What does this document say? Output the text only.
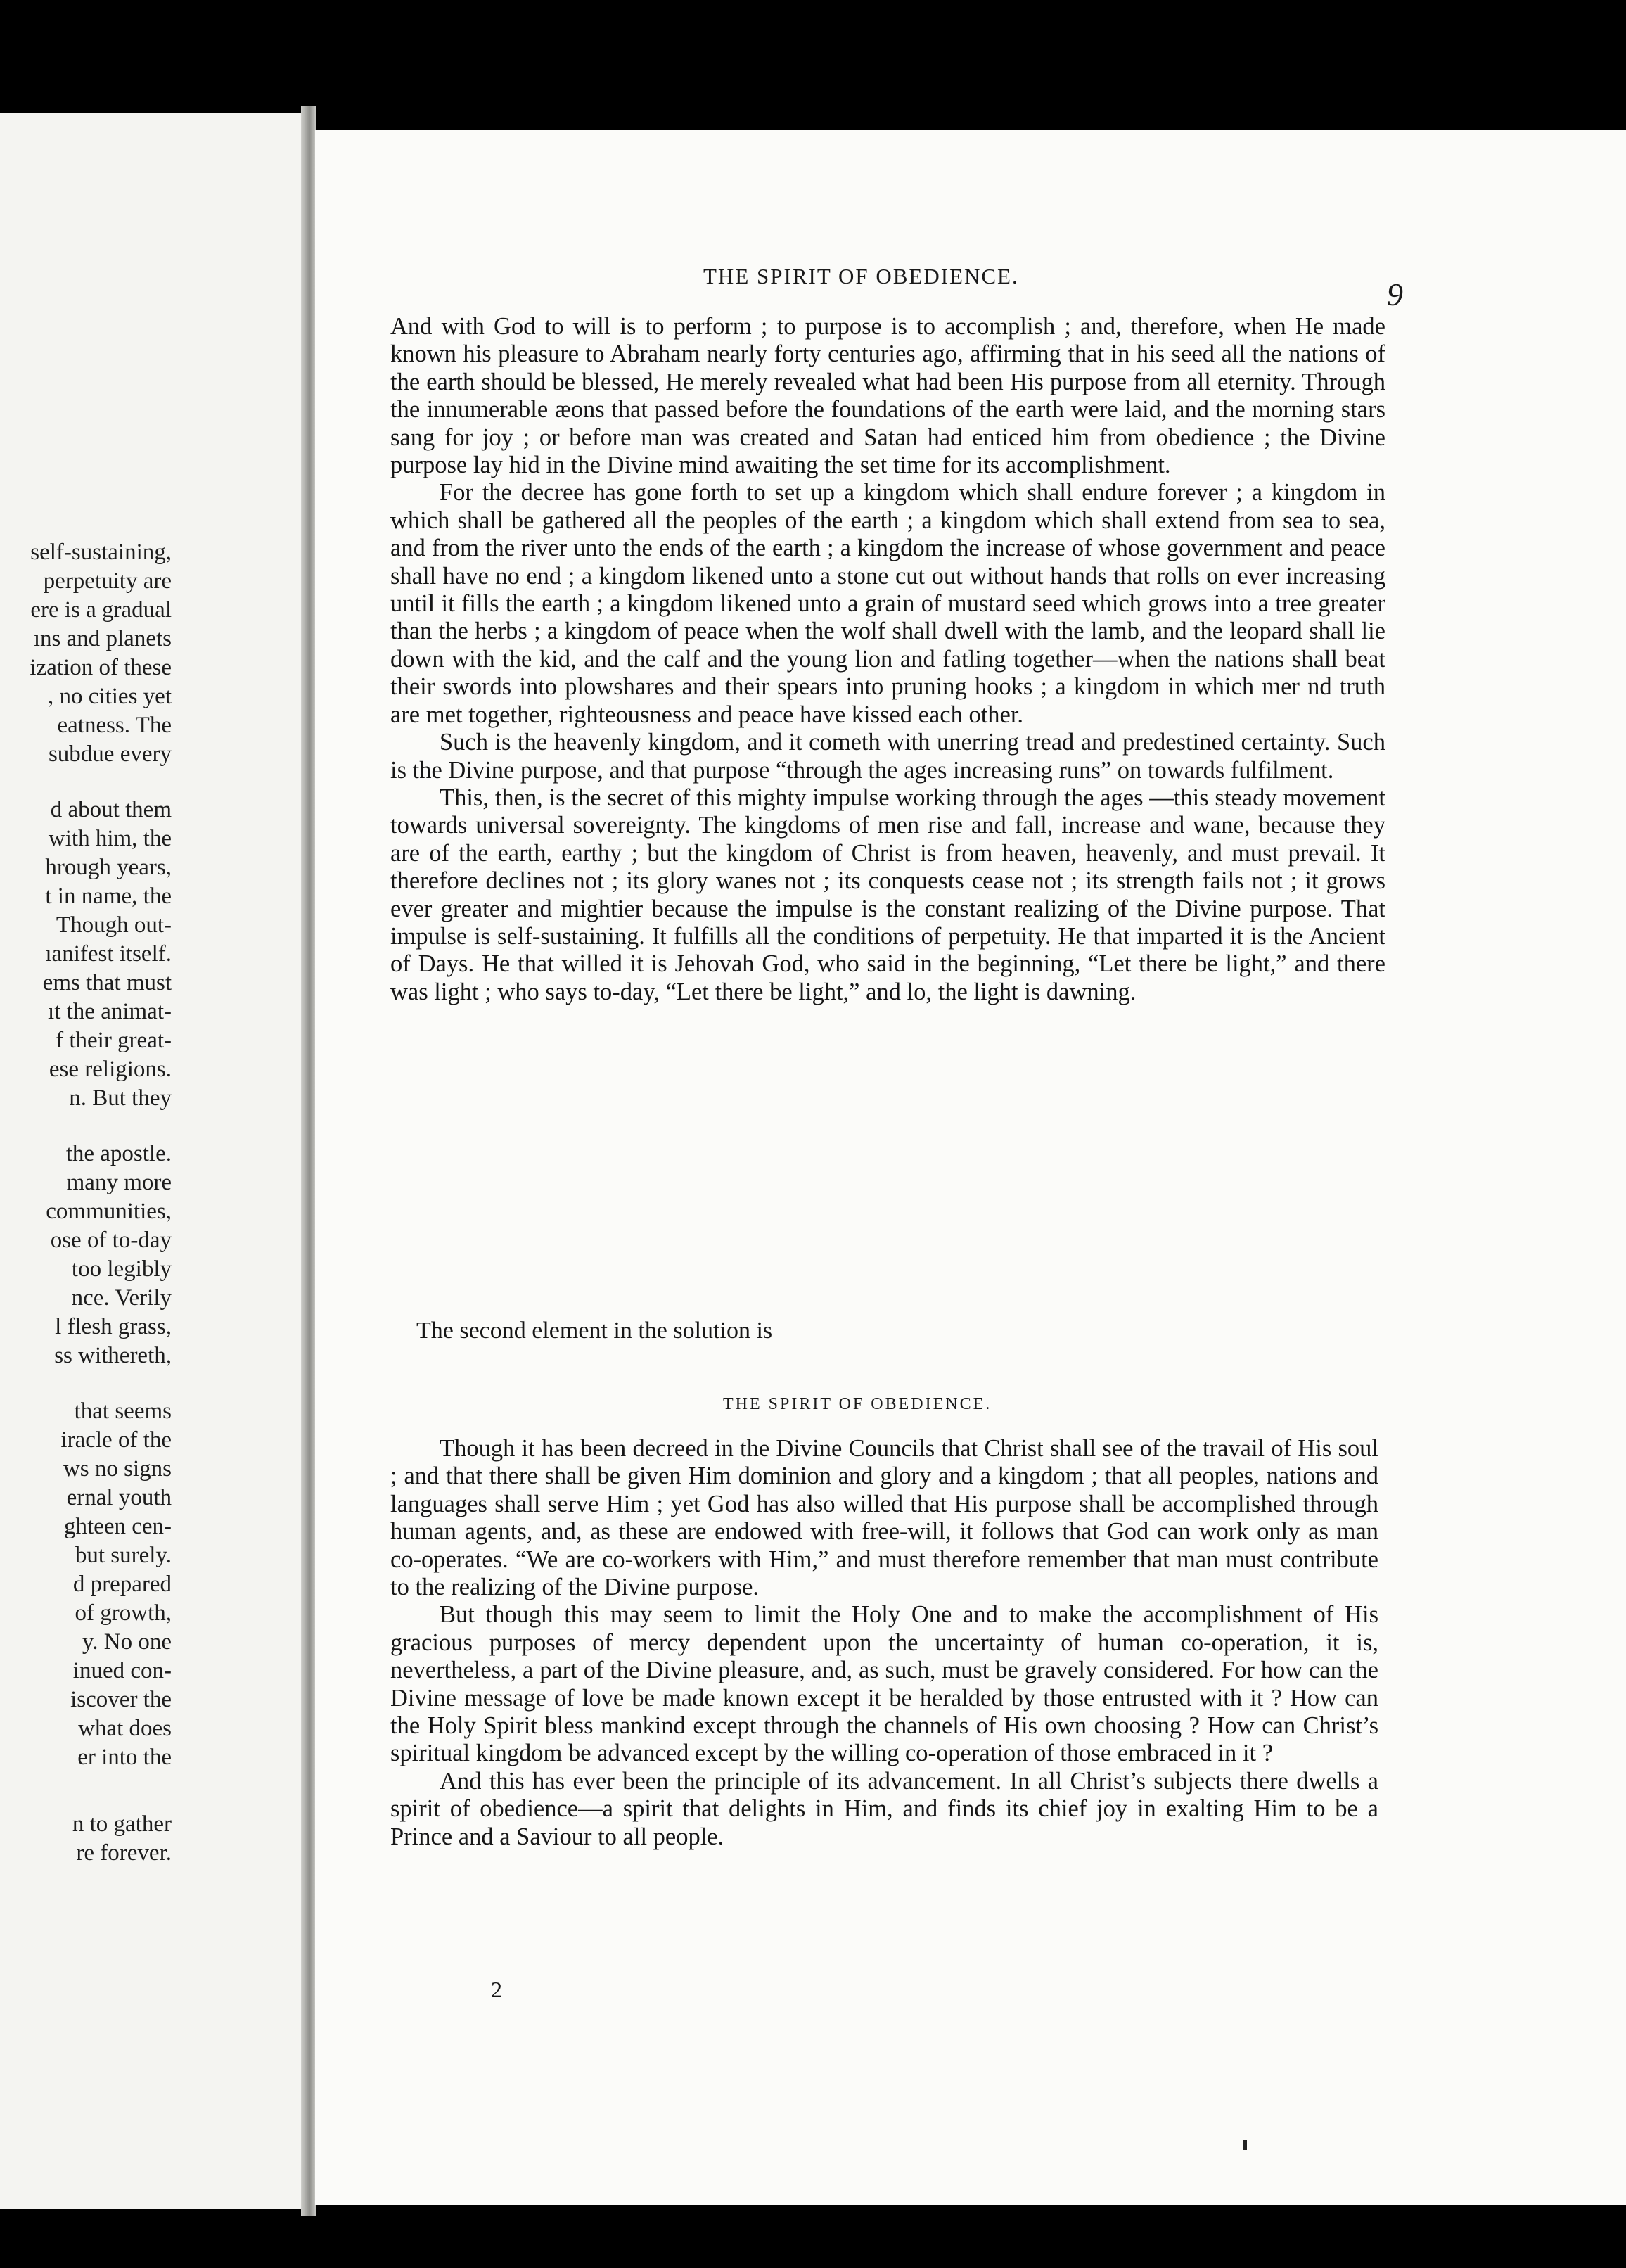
self-sustaining,
perpetuity are
ere is a gradual
ıns and planets
ization of these
, no cities yet
eatness. The
subdue every
d about them
with him, the
hrough years,
t in name, the
Though out-
ıanifest itself.
ems that must
ıt the animat-
f their great-
ese religions.
n. But they
the apostle.
many more
communities,
ose of to-day
too legibly
nce. Verily
l flesh grass,
ss withereth,
that seems
iracle of the
ws no signs
ernal youth
ghteen cen-
but surely.
d prepared
of growth,
y. No one
inued con-
iscover the
what does
er into the
n to gather
re forever.
THE SPIRIT OF OBEDIENCE.
9

And with God to will is to perform ; to purpose is to accomplish ; and, therefore, when He made known his pleasure to Abraham nearly forty centuries ago, affirming that in his seed all the nations of the earth should be blessed, He merely revealed what had been His purpose from all eternity. Through the innumerable æons that passed before the foundations of the earth were laid, and the morning stars sang for joy ; or before man was created and Satan had enticed him from obedience ; the Divine purpose lay hid in the Divine mind awaiting the set time for its accomplishment.

For the decree has gone forth to set up a kingdom which shall endure forever ; a kingdom in which shall be gathered all the peoples of the earth ; a kingdom which shall extend from sea to sea, and from the river unto the ends of the earth ; a kingdom the increase of whose government and peace shall have no end ; a kingdom likened unto a stone cut out without hands that rolls on ever increasing until it fills the earth ; a kingdom likened unto a grain of mustard seed which grows into a tree greater than the herbs ; a kingdom of peace when the wolf shall dwell with the lamb, and the leopard shall lie down with the kid, and the calf and the young lion and fatling together—when the nations shall beat their swords into plowshares and their spears into pruning hooks ; a kingdom in which mer nd truth are met together, righteousness and peace have kissed each other.

Such is the heavenly kingdom, and it cometh with unerring tread and predestined certainty. Such is the Divine purpose, and that purpose “through the ages increasing runs” on towards fulfilment.

This, then, is the secret of this mighty impulse working through the ages —this steady movement towards universal sovereignty. The kingdoms of men rise and fall, increase and wane, because they are of the earth, earthy ; but the kingdom of Christ is from heaven, heavenly, and must prevail. It therefore declines not ; its glory wanes not ; its conquests cease not ; its strength fails not ; it grows ever greater and mightier because the impulse is the constant realizing of the Divine purpose. That impulse is self-sustaining. It fulfills all the conditions of perpetuity. He that imparted it is the Ancient of Days. He that willed it is Jehovah God, who said in the beginning, “Let there be light,” and there was light ; who says to-day, “Let there be light,” and lo, the light is dawning.

The second element in the solution is
THE SPIRIT OF OBEDIENCE.

Though it has been decreed in the Divine Councils that Christ shall see of the travail of His soul ; and that there shall be given Him dominion and glory and a kingdom ; that all peoples, nations and languages shall serve Him ; yet God has also willed that His purpose shall be accomplished through human agents, and, as these are endowed with free-will, it follows that God can work only as man co-operates. “We are co-workers with Him,” and must therefore remember that man must contribute to the realizing of the Divine purpose.

But though this may seem to limit the Holy One and to make the accomplishment of His gracious purposes of mercy dependent upon the uncertainty of human co-operation, it is, nevertheless, a part of the Divine pleasure, and, as such, must be gravely considered. For how can the Divine message of love be made known except it be heralded by those entrusted with it ? How can the Holy Spirit bless mankind except through the channels of His own choosing ? How can Christ’s spiritual kingdom be advanced except by the willing co-operation of those embraced in it ?

And this has ever been the principle of its advancement. In all Christ’s subjects there dwells a spirit of obedience—a spirit that delights in Him, and finds its chief joy in exalting Him to be a Prince and a Saviour to all people.

2
